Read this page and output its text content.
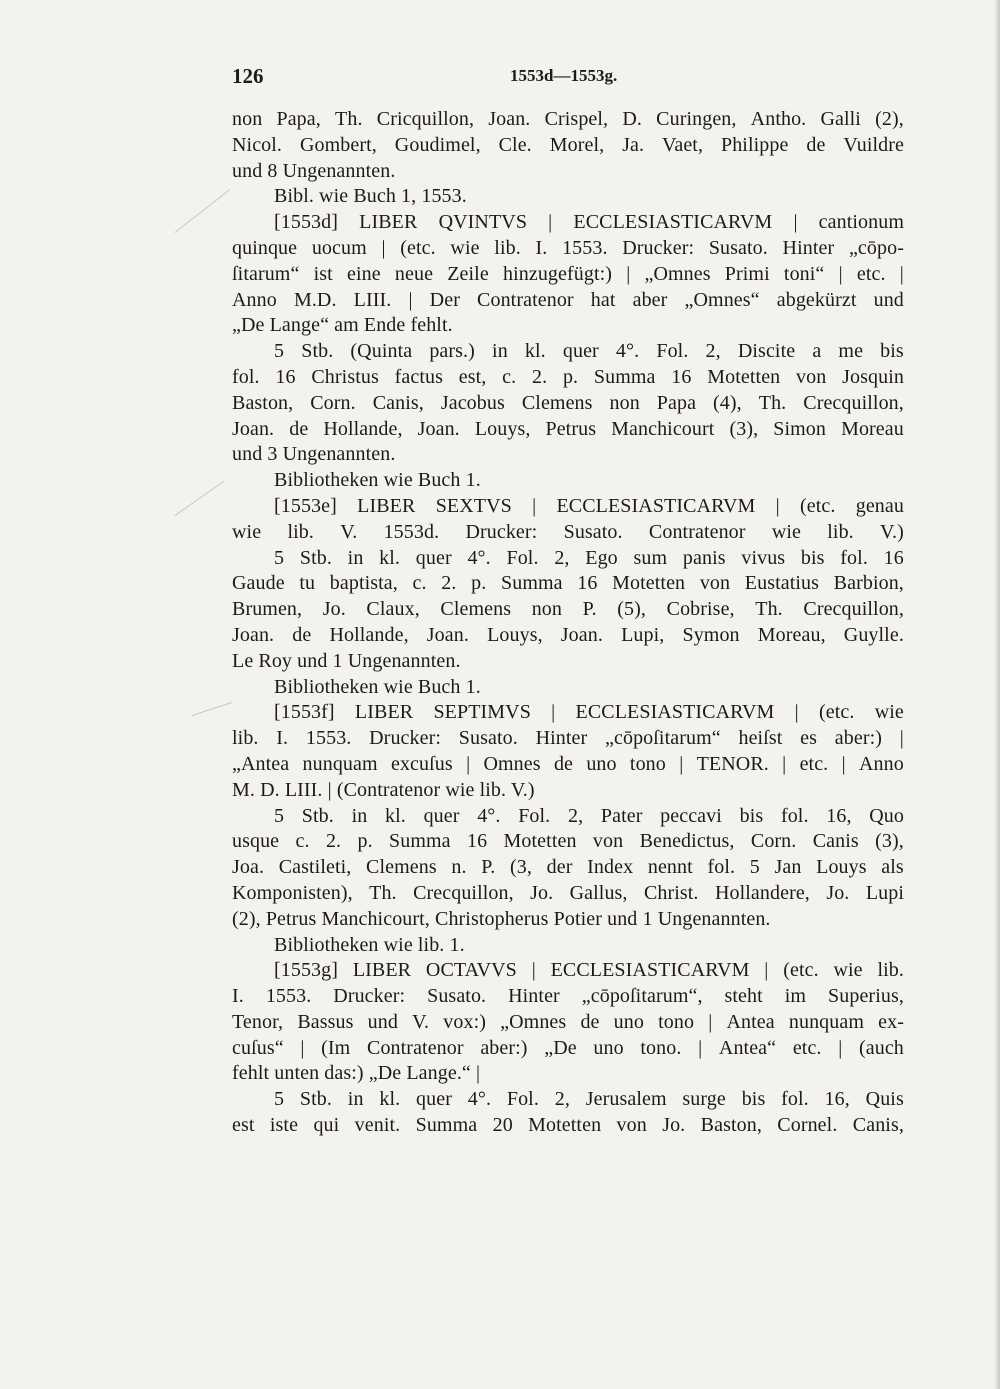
126	1553d—1553g.
non Papa, Th. Cricquillon, Joan. Crispel, D. Curingen, Antho. Galli (2),
Nicol. Gombert, Goudimel, Cle. Morel, Ja. Vaet, Philippe de Vuildre
und 8 Ungenannten.
Bibl. wie Buch 1, 1553.
[1553d] LIBER QVINTVS | ECCLESIASTICARVM | cantionum
quinque uocum | (etc. wie lib. I. 1553. Drucker: Susato. Hinter „cōpo-
ſitarum“ ist eine neue Zeile hinzugefügt:) | „Omnes Primi toni“ | etc. |
Anno M.D. LIII. | Der Contratenor hat aber „Omnes“ abgekürzt und
„De Lange“ am Ende fehlt.
5 Stb. (Quinta pars.) in kl. quer 4°. Fol. 2, Discite a me bis
fol. 16 Christus factus est, c. 2. p. Summa 16 Motetten von Josquin
Baston, Corn. Canis, Jacobus Clemens non Papa (4), Th. Crecquillon,
Joan. de Hollande, Joan. Louys, Petrus Manchicourt (3), Simon Moreau
und 3 Ungenannten.
Bibliotheken wie Buch 1.
[1553e] LIBER SEXTVS | ECCLESIASTICARVM | (etc. genau
wie lib. V. 1553d. Drucker: Susato. Contratenor wie lib. V.)
5 Stb. in kl. quer 4°. Fol. 2, Ego sum panis vivus bis fol. 16
Gaude tu baptista, c. 2. p. Summa 16 Motetten von Eustatius Barbion,
Brumen, Jo. Claux, Clemens non P. (5), Cobrise, Th. Crecquillon,
Joan. de Hollande, Joan. Louys, Joan. Lupi, Symon Moreau, Guylle.
Le Roy und 1 Ungenannten.
Bibliotheken wie Buch 1.
[1553f] LIBER SEPTIMVS | ECCLESIASTICARVM | (etc. wie
lib. I. 1553. Drucker: Susato. Hinter „cōpoſitarum“ heiſst es aber:) |
„Antea nunquam excuſus | Omnes de uno tono | TENOR. | etc. | Anno
M. D. LIII. | (Contratenor wie lib. V.)
5 Stb. in kl. quer 4°. Fol. 2, Pater peccavi bis fol. 16, Quo
usque c. 2. p. Summa 16 Motetten von Benedictus, Corn. Canis (3),
Joa. Castileti, Clemens n. P. (3, der Index nennt fol. 5 Jan Louys als
Komponisten), Th. Crecquillon, Jo. Gallus, Christ. Hollandere, Jo. Lupi
(2), Petrus Manchicourt, Christopherus Potier und 1 Ungenannten.
Bibliotheken wie lib. 1.
[1553g] LIBER OCTAVVS | ECCLESIASTICARVM | (etc. wie lib.
I. 1553. Drucker: Susato. Hinter „cōpoſitarum“, steht im Superius,
Tenor, Bassus und V. vox:) „Omnes de uno tono | Antea nunquam ex-
cuſus“ | (Im Contratenor aber:) „De uno tono. | Antea“ etc. | (auch
fehlt unten das:) „De Lange.“ |
5 Stb. in kl. quer 4°. Fol. 2, Jerusalem surge bis fol. 16, Quis
est iste qui venit. Summa 20 Motetten von Jo. Baston, Cornel. Canis,
